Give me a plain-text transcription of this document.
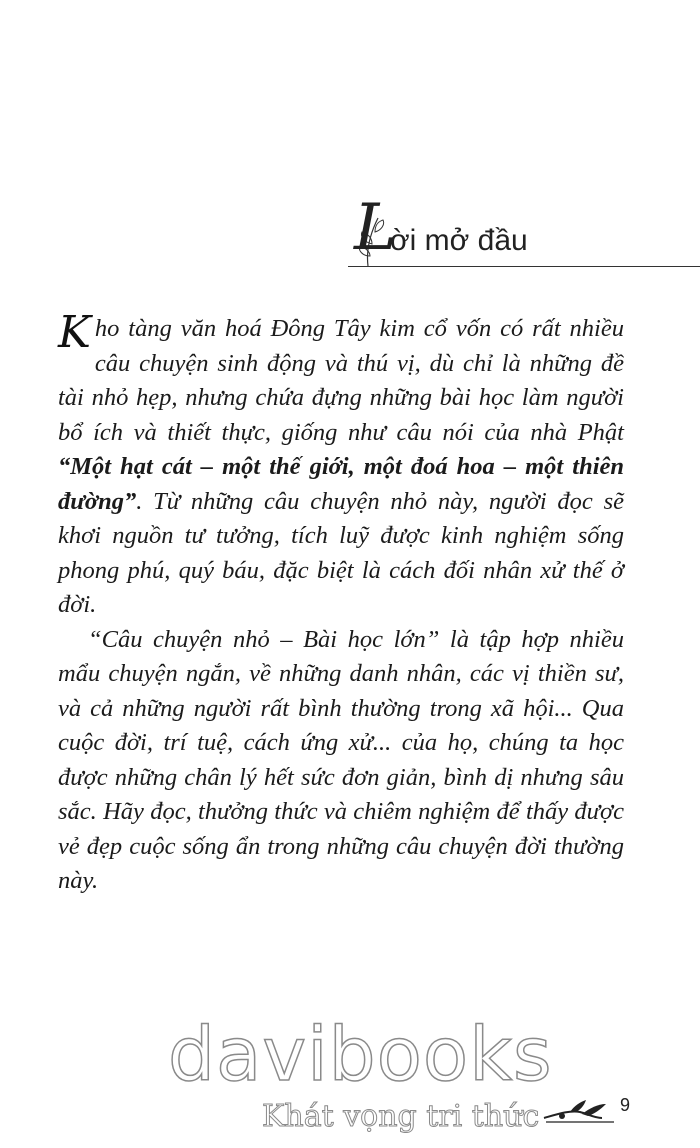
L
ời mở đầu

Kho tàng văn hoá Đông Tây kim cổ vốn có rất nhiều câu chuyện sinh động và thú vị, dù chỉ là những đề tài nhỏ hẹp, nhưng chứa đựng những bài học làm người bổ ích và thiết thực, giống như câu nói của nhà Phật “Một hạt cát – một thế giới, một đoá hoa – một thiên đường”. Từ những câu chuyện nhỏ này, người đọc sẽ khơi nguồn tư tưởng, tích luỹ được kinh nghiệm sống phong phú, quý báu, đặc biệt là cách đối nhân xử thế ở đời.

“Câu chuyện nhỏ – Bài học lớn” là tập hợp nhiều mẩu chuyện ngắn, về những danh nhân, các vị thiền sư, và cả những người rất bình thường trong xã hội... Qua cuộc đời, trí tuệ, cách ứng xử... của họ, chúng ta học được những chân lý hết sức đơn giản, bình dị nhưng sâu sắc. Hãy đọc, thưởng thức và chiêm nghiệm để thấy được vẻ đẹp cuộc sống ẩn trong những câu chuyện đời thường này.

davibooks
Khát vọng tri thức	9
